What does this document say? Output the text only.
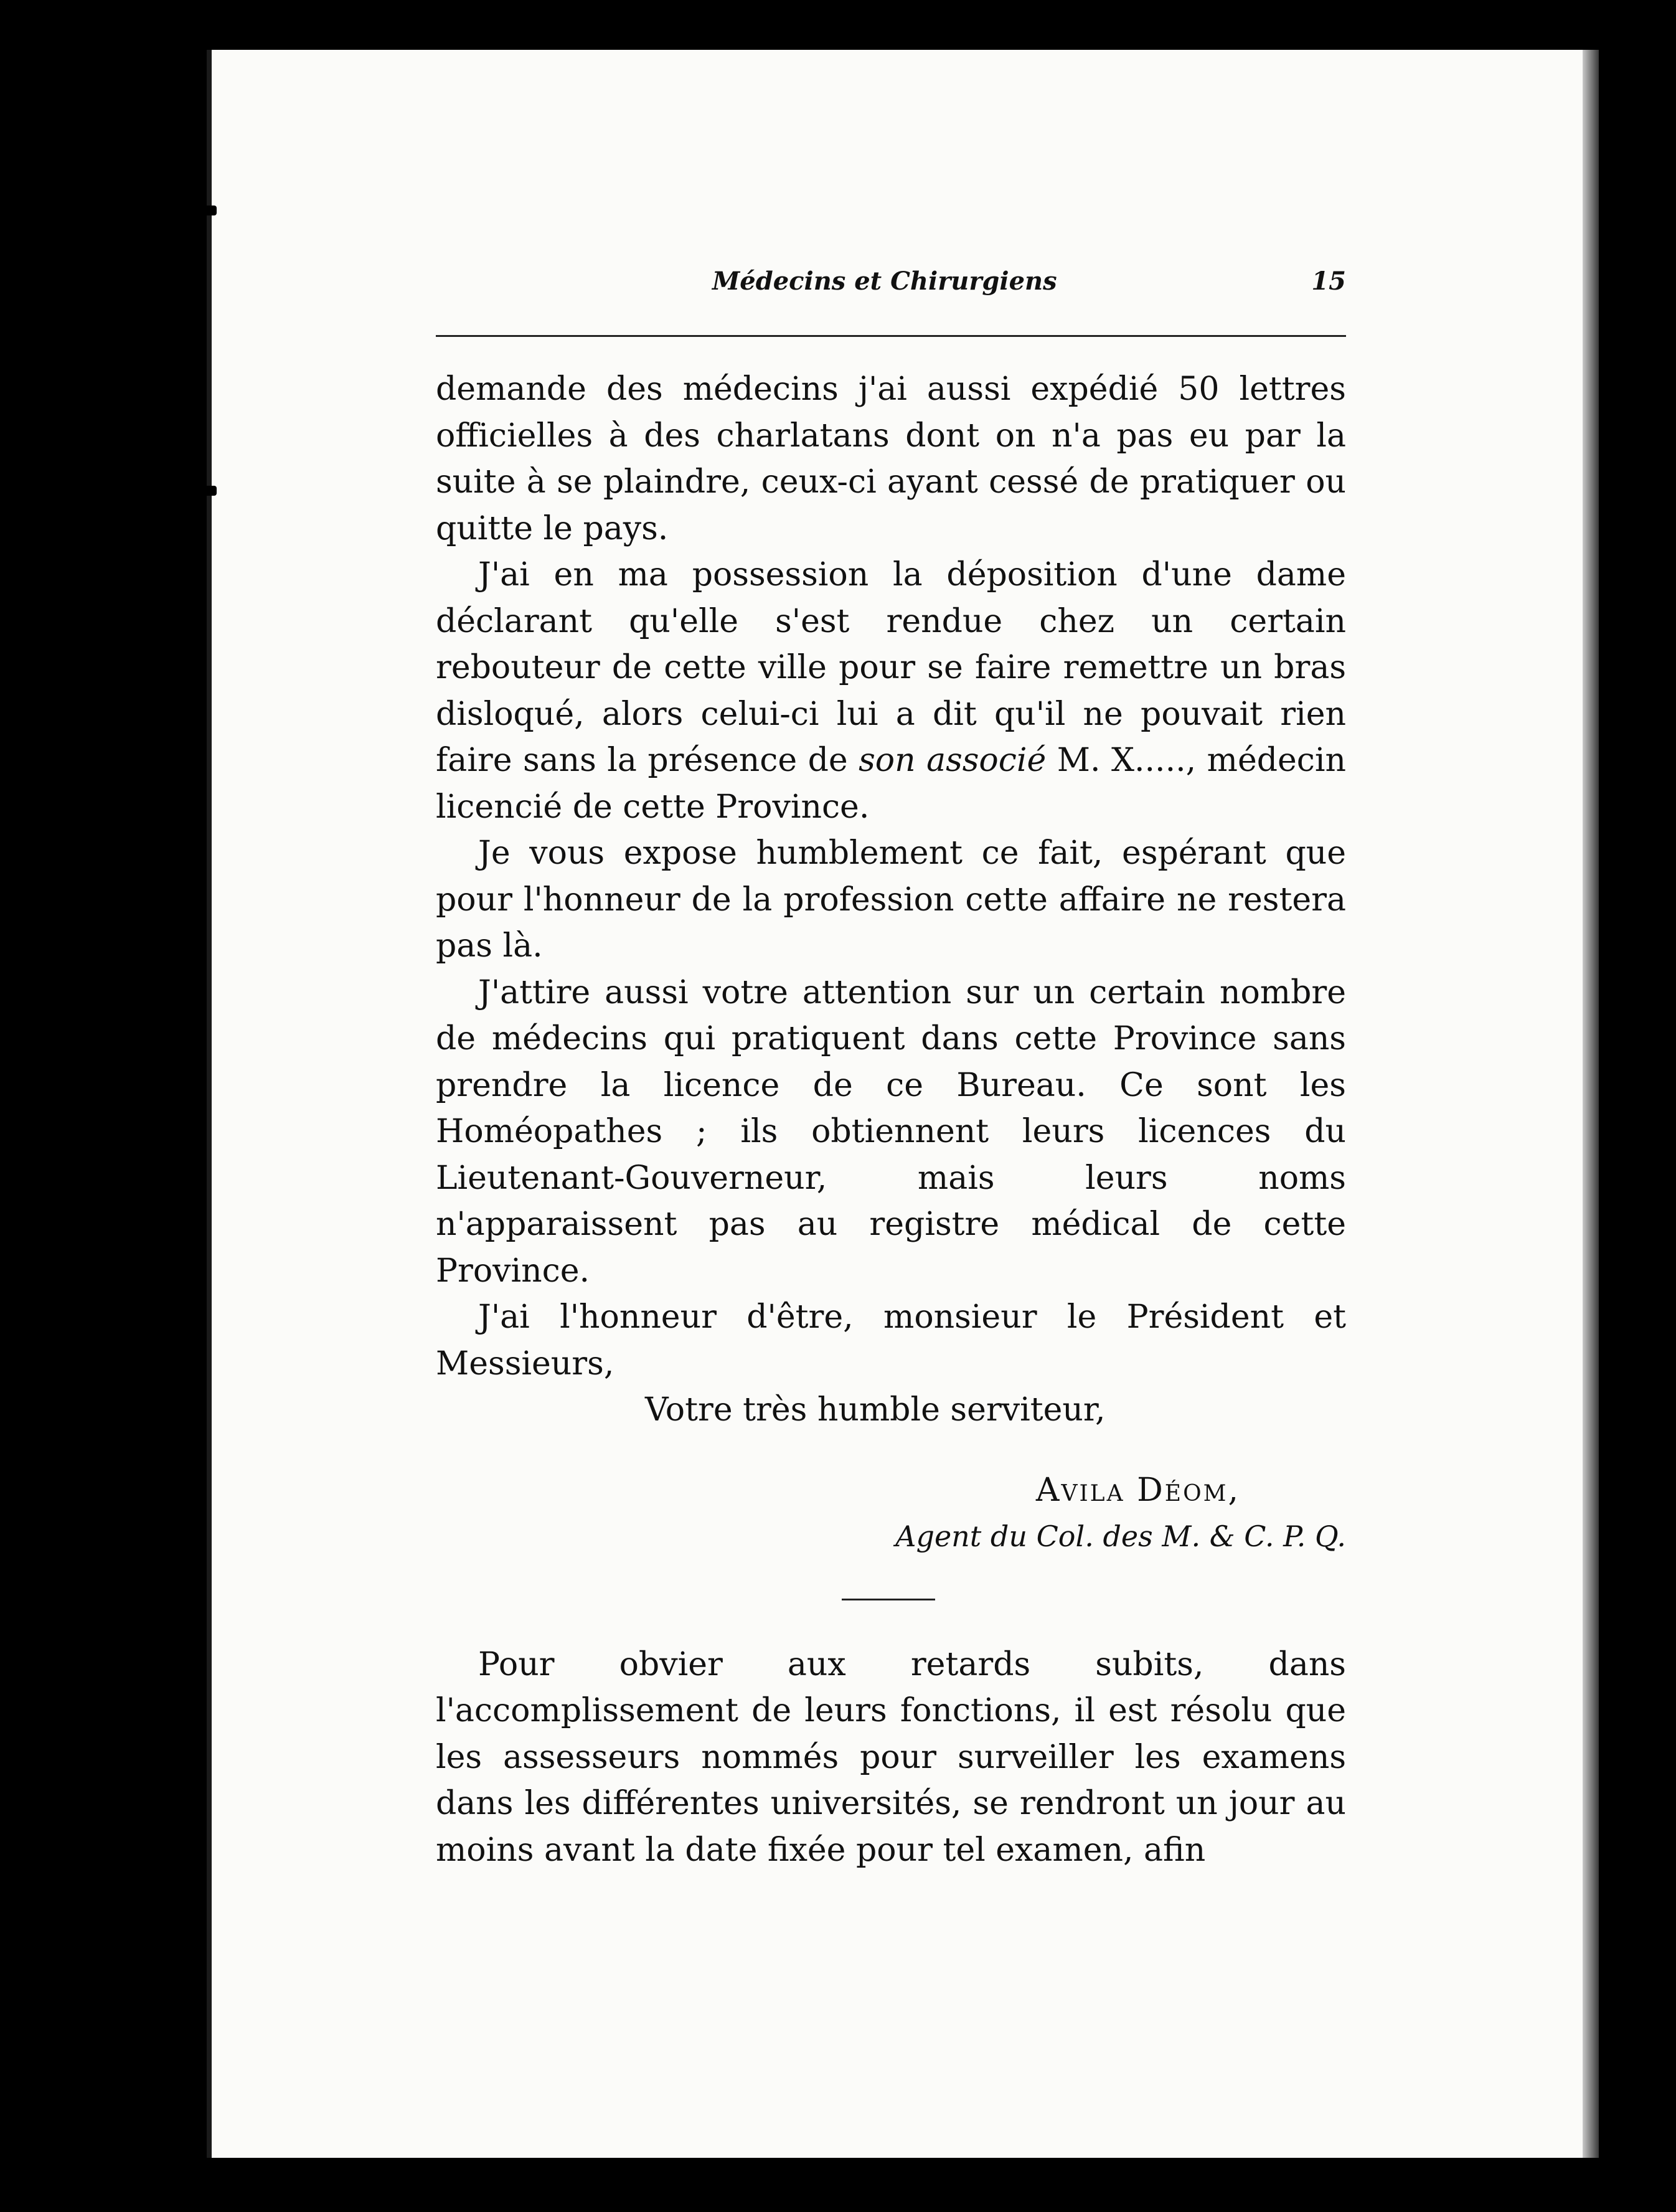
Médecins et Chirurgiens	15

demande des médecins j'ai aussi expédié 50 lettres officielles à des charlatans dont on n'a pas eu par la suite à se plaindre, ceux-ci ayant cessé de pratiquer ou quitte le pays.

J'ai en ma possession la déposition d'une dame déclarant qu'elle s'est rendue chez un certain rebouteur de cette ville pour se faire remettre un bras disloqué, alors celui-ci lui a dit qu'il ne pouvait rien faire sans la présence de son associé M. X....., médecin licencié de cette Province.

Je vous expose humblement ce fait, espérant que pour l'honneur de la profession cette affaire ne restera pas là.

J'attire aussi votre attention sur un certain nombre de médecins qui pratiquent dans cette Province sans prendre la licence de ce Bureau. Ce sont les Homéopathes ; ils obtiennent leurs licences du Lieutenant-Gouverneur, mais leurs noms n'apparaissent pas au registre médical de cette Province.

J'ai l'honneur d'être, monsieur le Président et Messieurs,

Votre très humble serviteur,

Avila Déom,

Agent du Col. des M. & C. P. Q.

Pour obvier aux retards subits, dans l'accomplissement de leurs fonctions, il est résolu que les assesseurs nommés pour surveiller les examens dans les différentes universités, se rendront un jour au moins avant la date fixée pour tel examen, afin
